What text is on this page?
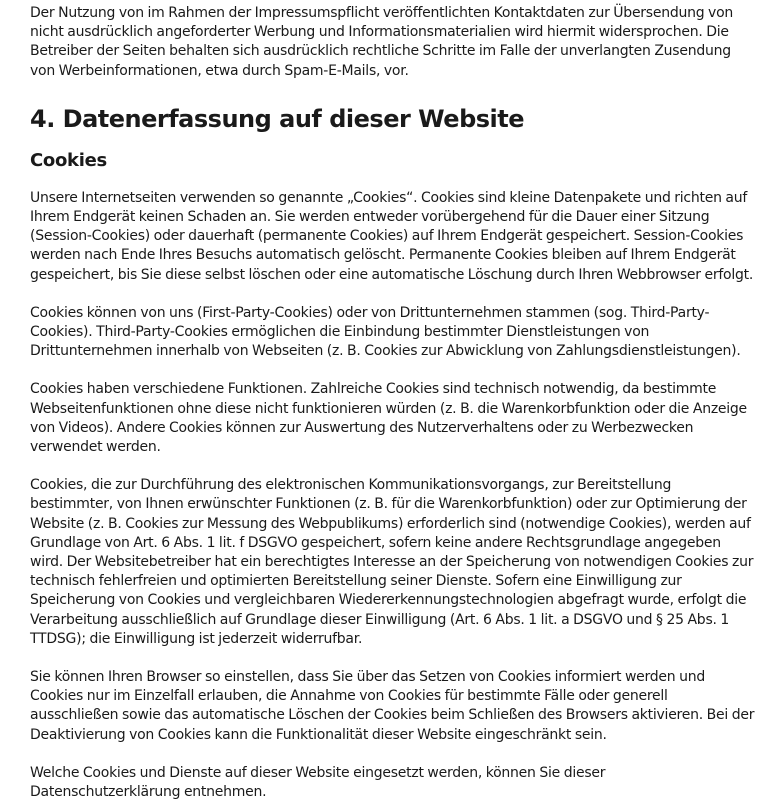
Der Nutzung von im Rahmen der Impressumspflicht veröffentlichten Kontaktdaten zur Übersendung von nicht ausdrücklich angeforderter Werbung und Informationsmaterialien wird hiermit widersprochen. Die Betreiber der Seiten behalten sich ausdrücklich rechtliche Schritte im Falle der unverlangten Zusendung von Werbeinformationen, etwa durch Spam-E-Mails, vor.

4. Datenerfassung auf dieser Website
Cookies

Unsere Internetseiten verwenden so genannte „Cookies“. Cookies sind kleine Datenpakete und richten auf Ihrem Endgerät keinen Schaden an. Sie werden entweder vorübergehend für die Dauer einer Sitzung (Session-Cookies) oder dauerhaft (permanente Cookies) auf Ihrem Endgerät gespeichert. Session-Cookies werden nach Ende Ihres Besuchs automatisch gelöscht. Permanente Cookies bleiben auf Ihrem Endgerät gespeichert, bis Sie diese selbst löschen oder eine automatische Löschung durch Ihren Webbrowser erfolgt.

Cookies können von uns (First-Party-Cookies) oder von Drittunternehmen stammen (sog. Third-Party-Cookies). Third-Party-Cookies ermöglichen die Einbindung bestimmter Dienstleistungen von Drittunternehmen innerhalb von Webseiten (z. B. Cookies zur Abwicklung von Zahlungsdienstleistungen).

Cookies haben verschiedene Funktionen. Zahlreiche Cookies sind technisch notwendig, da bestimmte Webseitenfunktionen ohne diese nicht funktionieren würden (z. B. die Warenkorbfunktion oder die Anzeige von Videos). Andere Cookies können zur Auswertung des Nutzerverhaltens oder zu Werbezwecken verwendet werden.

Cookies, die zur Durchführung des elektronischen Kommunikationsvorgangs, zur Bereitstellung bestimmter, von Ihnen erwünschter Funktionen (z. B. für die Warenkorbfunktion) oder zur Optimierung der Website (z. B. Cookies zur Messung des Webpublikums) erforderlich sind (notwendige Cookies), werden auf Grundlage von Art. 6 Abs. 1 lit. f DSGVO gespeichert, sofern keine andere Rechtsgrundlage angegeben wird. Der Websitebetreiber hat ein berechtigtes Interesse an der Speicherung von notwendigen Cookies zur technisch fehlerfreien und optimierten Bereitstellung seiner Dienste. Sofern eine Einwilligung zur Speicherung von Cookies und vergleichbaren Wiedererkennungstechnologien abgefragt wurde, erfolgt die Verarbeitung ausschließlich auf Grundlage dieser Einwilligung (Art. 6 Abs. 1 lit. a DSGVO und § 25 Abs. 1 TTDSG); die Einwilligung ist jederzeit widerrufbar.

Sie können Ihren Browser so einstellen, dass Sie über das Setzen von Cookies informiert werden und Cookies nur im Einzelfall erlauben, die Annahme von Cookies für bestimmte Fälle oder generell ausschließen sowie das automatische Löschen der Cookies beim Schließen des Browsers aktivieren. Bei der Deaktivierung von Cookies kann die Funktionalität dieser Website eingeschränkt sein.

Welche Cookies und Dienste auf dieser Website eingesetzt werden, können Sie dieser Datenschutzerklärung entnehmen.
